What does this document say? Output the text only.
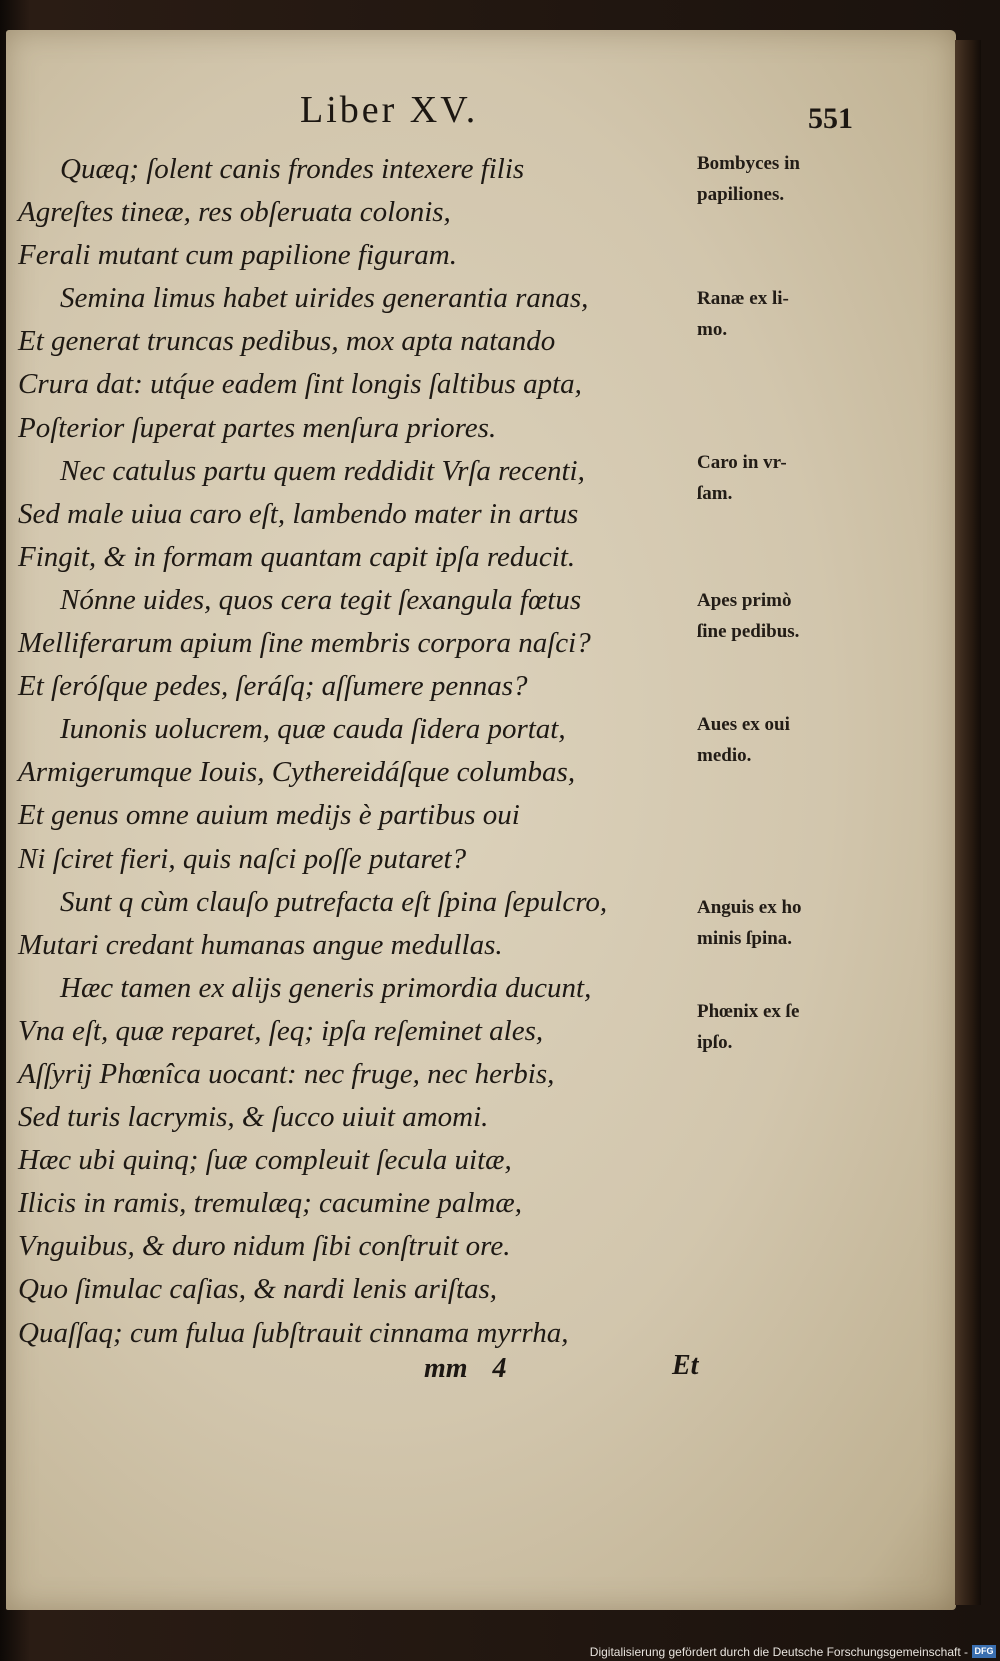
Liber XV.	551
Quæq; ſolent canis frondes intexere filis
Agreſtes tineæ, res obſeruata colonis,
Ferali mutant cum papilione figuram.
Semina limus habet uirides generantia ranas,
Et generat truncas pedibus, mox apta natando
Crura dat: utq́ue eadem ſint longis ſaltibus apta,
Poſterior ſuperat partes menſura priores.
Nec catulus partu quem reddidit Vrſa recenti,
Sed male uiua caro eſt, lambendo mater in artus
Fingit, & in formam quantam capit ipſa reducit.
Nónne uides, quos cera tegit ſexangula fœtus
Melliferarum apium ſine membris corpora naſci?
Et ſeróſque pedes, ſeráſq; aſſumere pennas?
Iunonis uolucrem, quæ cauda ſidera portat,
Armigerumque Iouis, Cythereidáſque columbas,
Et genus omne auium medijs è partibus oui
Ni ſciret fieri, quis naſci poſſe putaret?
Sunt q cùm clauſo putrefacta eſt ſpina ſepulcro,
Mutari credant humanas angue medullas.
Hæc tamen ex alijs generis primordia ducunt,
Vna eſt, quæ reparet, ſeq; ipſa reſeminet ales,
Aſſyrij Phœnîca uocant: nec fruge, nec herbis,
Sed turis lacrymis, & ſucco uiuit amomi.
Hæc ubi quinq; ſuæ compleuit ſecula uitæ,
Ilicis in ramis, tremulæq; cacumine palmæ,
Vnguibus, & duro nidum ſibi conſtruit ore.
Quo ſimulac caſias, & nardi lenis ariſtas,
Quaſſaq; cum fulua ſubſtrauit cinnama myrrha,
Bombyces in
papiliones.
Ranæ ex li-
mo.
Caro in vr-
ſam.
Apes primò
ſine pedibus.
Aues ex oui
medio.
Anguis ex ho
minis ſpina.
Phœnix ex ſe
ipſo.
mm 4	Et
Digitalisierung gefördert durch die Deutsche Forschungsgemeinschaft - DFG
